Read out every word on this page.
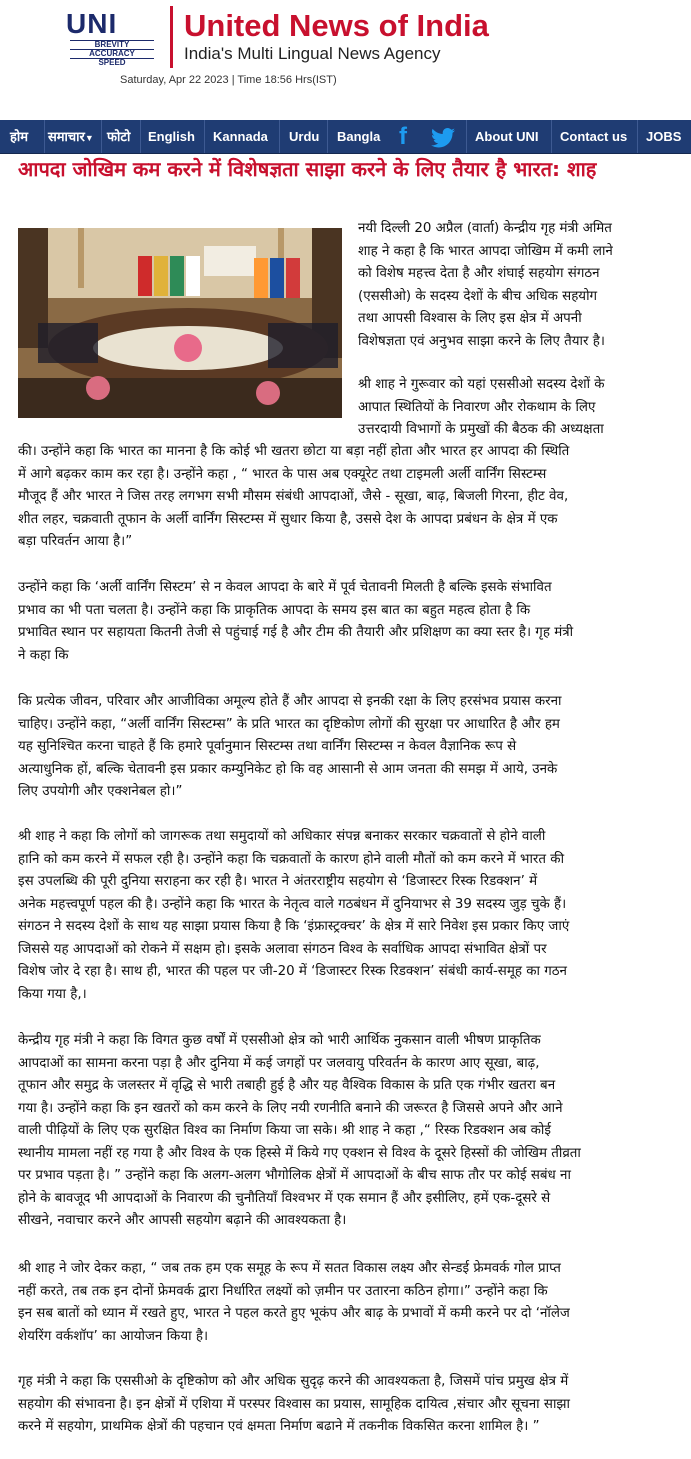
UNI
BREVITY
ACCURACY
SPEED
United News of India
India's Multi Lingual News Agency
Saturday, Apr 22 2023 | Time 18:56 Hrs(IST)
होम समाचार▼ फोटो English Kannada Urdu Bangla f	About UNI Contact us JOBS
आपदा जोखिम कम करने में विशेषज्ञता साझा करने के लिए तैयार है भारत: शाह
नयी दिल्ली 20 अप्रैल (वार्ता) केन्द्रीय गृह मंत्री अमित
शाह ने कहा है कि भारत आपदा जोखिम में कमी लाने
को विशेष महत्त्व देता है और शंघाई सहयोग संगठन
(एससीओ) के सदस्य देशों के बीच अधिक सहयोग
तथा आपसी विश्वास के लिए इस क्षेत्र में अपनी
विशेषज्ञता एवं अनुभव साझा करने के लिए तैयार है।
श्री शाह ने गुरूवार को यहां एससीओ सदस्य देशों के
आपात स्थितियों के निवारण और रोकथाम के लिए
उत्तरदायी विभागों के प्रमुखों की बैठक की अध्यक्षता
की। उन्होंने कहा कि भारत का मानना है कि कोई भी खतरा छोटा या बड़ा नहीं होता और भारत हर आपदा की स्थिति
में आगे बढ़कर काम कर रहा है। उन्होंने कहा , “ भारत के पास अब एक्यूरेट तथा टाइमली अर्ली वार्निंग सिस्टम्स
मौजूद हैं और भारत ने जिस तरह लगभग सभी मौसम संबंधी आपदाओं, जैसे - सूखा, बाढ़, बिजली गिरना, हीट वेव,
शीत लहर, चक्रवाती तूफान के अर्ली वार्निंग सिस्टम्स में सुधार किया है, उससे देश के आपदा प्रबंधन के क्षेत्र में एक
बड़ा परिवर्तन आया है।”
उन्होंने कहा कि ‘अर्ली वार्निंग सिस्टम’ से न केवल आपदा के बारे में पूर्व चेतावनी मिलती है बल्कि इसके संभावित
प्रभाव का भी पता चलता है। उन्होंने कहा कि प्राकृतिक आपदा के समय इस बात का बहुत महत्व होता है कि
प्रभावित स्थान पर सहायता कितनी तेजी से पहुंचाई गई है और टीम की तैयारी और प्रशिक्षण का क्या स्तर है। गृह मंत्री
ने कहा कि
कि प्रत्येक जीवन, परिवार और आजीविका अमूल्य होते हैं और आपदा से इनकी रक्षा के लिए हरसंभव प्रयास करना
चाहिए। उन्होंने कहा, “अर्ली वार्निंग सिस्टम्स” के प्रति भारत का दृष्टिकोण लोगों की सुरक्षा पर आधारित है और हम
यह सुनिश्चित करना चाहते हैं कि हमारे पूर्वानुमान सिस्टम्स तथा वार्निंग सिस्टम्स न केवल वैज्ञानिक रूप से
अत्याधुनिक हों, बल्कि चेतावनी इस प्रकार कम्युनिकेट हो कि वह आसानी से आम जनता की समझ में आये, उनके
लिए उपयोगी और एक्शनेबल हो।”
श्री शाह ने कहा कि लोगों को जागरूक तथा समुदायों को अधिकार संपन्न बनाकर सरकार चक्रवातों से होने वाली
हानि को कम करने में सफल रही है। उन्होंने कहा कि चक्रवातों के कारण होने वाली मौतों को कम करने में भारत की
इस उपलब्धि की पूरी दुनिया सराहना कर रही है। भारत ने अंतरराष्ट्रीय सहयोग से ‘डिजास्टर रिस्क रिडक्शन’ में
अनेक महत्त्वपूर्ण पहल की है। उन्होंने कहा कि भारत के नेतृत्व वाले गठबंधन में दुनियाभर से 39 सदस्य जुड़ चुके हैं।
संगठन ने सदस्य देशों के साथ यह साझा प्रयास किया है कि ‘इंफ्रास्ट्रक्चर’ के क्षेत्र में सारे निवेश इस प्रकार किए जाएं
जिससे यह आपदाओं को रोकने में सक्षम हो। इसके अलावा संगठन विश्व के सर्वाधिक आपदा संभावित क्षेत्रों पर
विशेष जोर दे रहा है। साथ ही, भारत की पहल पर जी-20 में ‘डिजास्टर रिस्क रिडक्शन’ संबंधी कार्य-समूह का गठन
किया गया है,।
केन्द्रीय गृह मंत्री ने कहा कि विगत कुछ वर्षों में एससीओ क्षेत्र को भारी आर्थिक नुकसान वाली भीषण प्राकृतिक
आपदाओं का सामना करना पड़ा है और दुनिया में कई जगहों पर जलवायु परिवर्तन के कारण आए सूखा, बाढ़,
तूफान और समुद्र के जलस्तर में वृद्धि से भारी तबाही हुई है और यह वैश्विक विकास के प्रति एक गंभीर खतरा बन
गया है। उन्होंने कहा कि इन खतरों को कम करने के लिए नयी रणनीति बनाने की जरूरत है जिससे अपने और आने
वाली पीढ़ियों के लिए एक सुरक्षित विश्व का निर्माण किया जा सके। श्री शाह ने कहा ,“ रिस्क रिडक्शन अब कोई
स्थानीय मामला नहीं रह गया है और विश्व के एक हिस्से में किये गए एक्शन से विश्व के दूसरे हिस्सों की जोखिम तीव्रता
पर प्रभाव पड़ता है। ” उन्होंने कहा कि अलग-अलग भौगोलिक क्षेत्रों में आपदाओं के बीच साफ तौर पर कोई सबंध ना
होने के बावजूद भी आपदाओं के निवारण की चुनौतियाँ विश्वभर में एक समान हैं और इसीलिए, हमें एक-दूसरे से
सीखने, नवाचार करने और आपसी सहयोग बढ़ाने की आवश्यकता है।
श्री शाह ने जोर देकर कहा, “ जब तक हम एक समूह के रूप में सतत विकास लक्ष्य और सेन्डई फ्रेमवर्क गोल प्राप्त
नहीं करते, तब तक इन दोनों फ्रेमवर्क द्वारा निर्धारित लक्ष्यों को ज़मीन पर उतारना कठिन होगा।” उन्होंने कहा कि
इन सब बातों को ध्यान में रखते हुए, भारत ने पहल करते हुए भूकंप और बाढ़ के प्रभावों में कमी करने पर दो ‘नॉलेज
शेयरिंग वर्कशॉप’ का आयोजन किया है।
गृह मंत्री ने कहा कि एससीओ के दृष्टिकोण को और अधिक सुदृढ़ करने की आवश्यकता है, जिसमें पांच प्रमुख क्षेत्र में
सहयोग की संभावना है। इन क्षेत्रों में एशिया में परस्पर विश्वास का प्रयास, सामूहिक दायित्व ,संचार और सूचना साझा
करने में सहयोग, प्राथमिक क्षेत्रों की पहचान एवं क्षमता निर्माण बढाने में तकनीक विकसित करना शामिल है। ”
